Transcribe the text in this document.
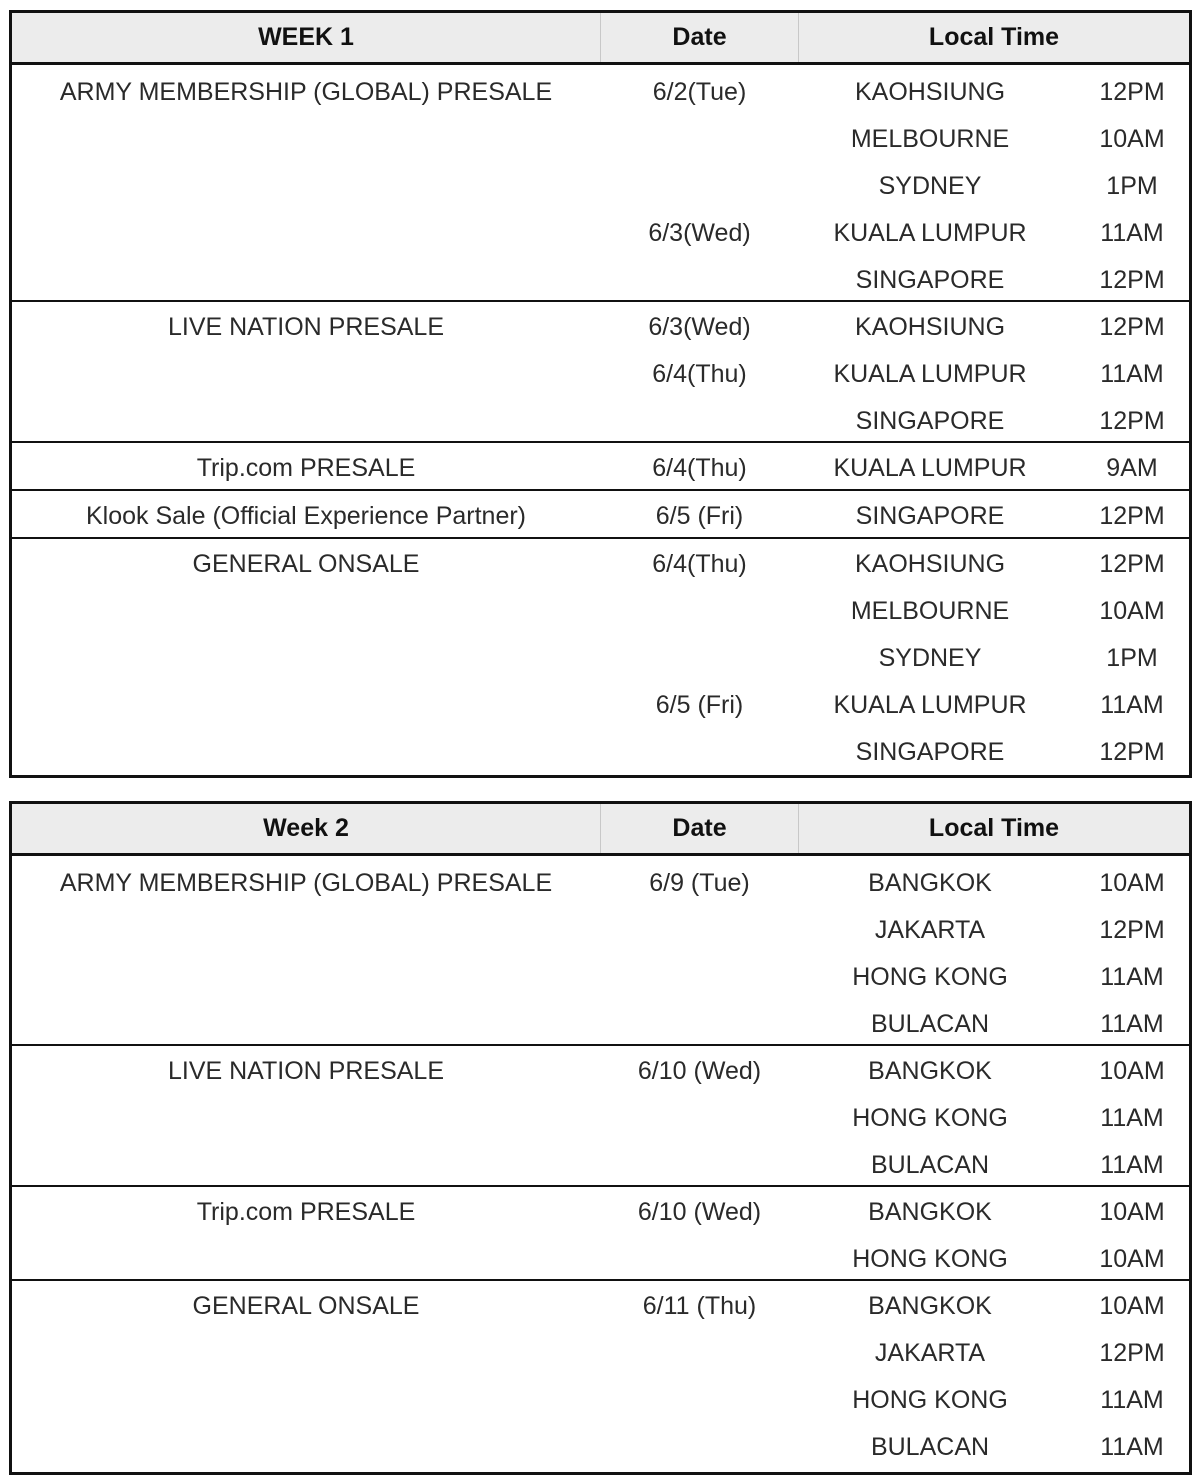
WEEK 1	Date	Local Time
ARMY MEMBERSHIP (GLOBAL) PRESALE	6/2(Tue)	KAOHSIUNG	12PM
MELBOURNE	10AM
SYDNEY	1PM
6/3(Wed)	KUALA LUMPUR	11AM
SINGAPORE	12PM
LIVE NATION PRESALE	6/3(Wed)	KAOHSIUNG	12PM
6/4(Thu)	KUALA LUMPUR	11AM
SINGAPORE	12PM
Trip.com PRESALE	6/4(Thu)	KUALA LUMPUR	9AM
Klook Sale (Official Experience Partner)	6/5 (Fri)	SINGAPORE	12PM
GENERAL ONSALE	6/4(Thu)	KAOHSIUNG	12PM
MELBOURNE	10AM
SYDNEY	1PM
6/5 (Fri)	KUALA LUMPUR	11AM
SINGAPORE	12PM
Week 2	Date	Local Time
ARMY MEMBERSHIP (GLOBAL) PRESALE	6/9 (Tue)	BANGKOK	10AM
JAKARTA	12PM
HONG KONG	11AM
BULACAN	11AM
LIVE NATION PRESALE	6/10 (Wed)	BANGKOK	10AM
HONG KONG	11AM
BULACAN	11AM
Trip.com PRESALE	6/10 (Wed)	BANGKOK	10AM
HONG KONG	10AM
GENERAL ONSALE	6/11 (Thu)	BANGKOK	10AM
JAKARTA	12PM
HONG KONG	11AM
BULACAN	11AM
